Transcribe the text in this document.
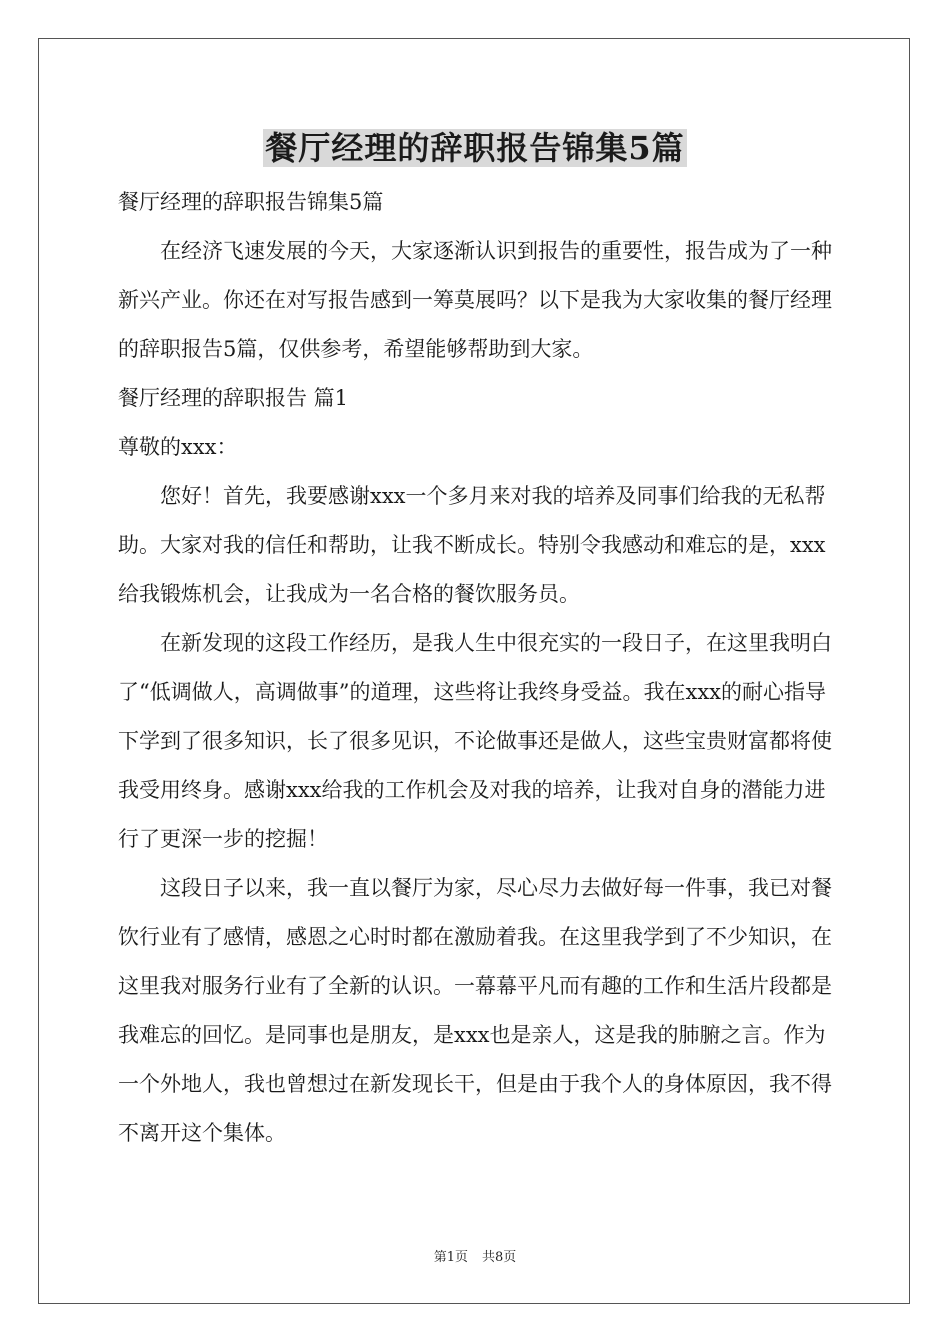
餐厅经理的辞职报告锦集5篇

餐厅经理的辞职报告锦集5篇

在经济飞速发展的今天，大家逐渐认识到报告的重要性，报告成为了一种新兴产业。你还在对写报告感到一筹莫展吗？以下是我为大家收集的餐厅经理的辞职报告5篇，仅供参考，希望能够帮助到大家。

餐厅经理的辞职报告 篇1

尊敬的xxx：

您好！首先，我要感谢xxx一个多月来对我的培养及同事们给我的无私帮助。大家对我的信任和帮助，让我不断成长。特别令我感动和难忘的是，xxx给我锻炼机会，让我成为一名合格的餐饮服务员。

在新发现的这段工作经历，是我人生中很充实的一段日子，在这里我明白了“低调做人，高调做事”的道理，这些将让我终身受益。我在xxx的耐心指导下学到了很多知识，长了很多见识，不论做事还是做人，这些宝贵财富都将使我受用终身。感谢xxx给我的工作机会及对我的培养，让我对自身的潜能力进行了更深一步的挖掘！

这段日子以来，我一直以餐厅为家，尽心尽力去做好每一件事，我已对餐饮行业有了感情，感恩之心时时都在激励着我。在这里我学到了不少知识，在这里我对服务行业有了全新的认识。一幕幕平凡而有趣的工作和生活片段都是我难忘的回忆。是同事也是朋友，是xxx也是亲人，这是我的肺腑之言。作为一个外地人，我也曾想过在新发现长干，但是由于我个人的身体原因，我不得不离开这个集体。

第1页 共8页
